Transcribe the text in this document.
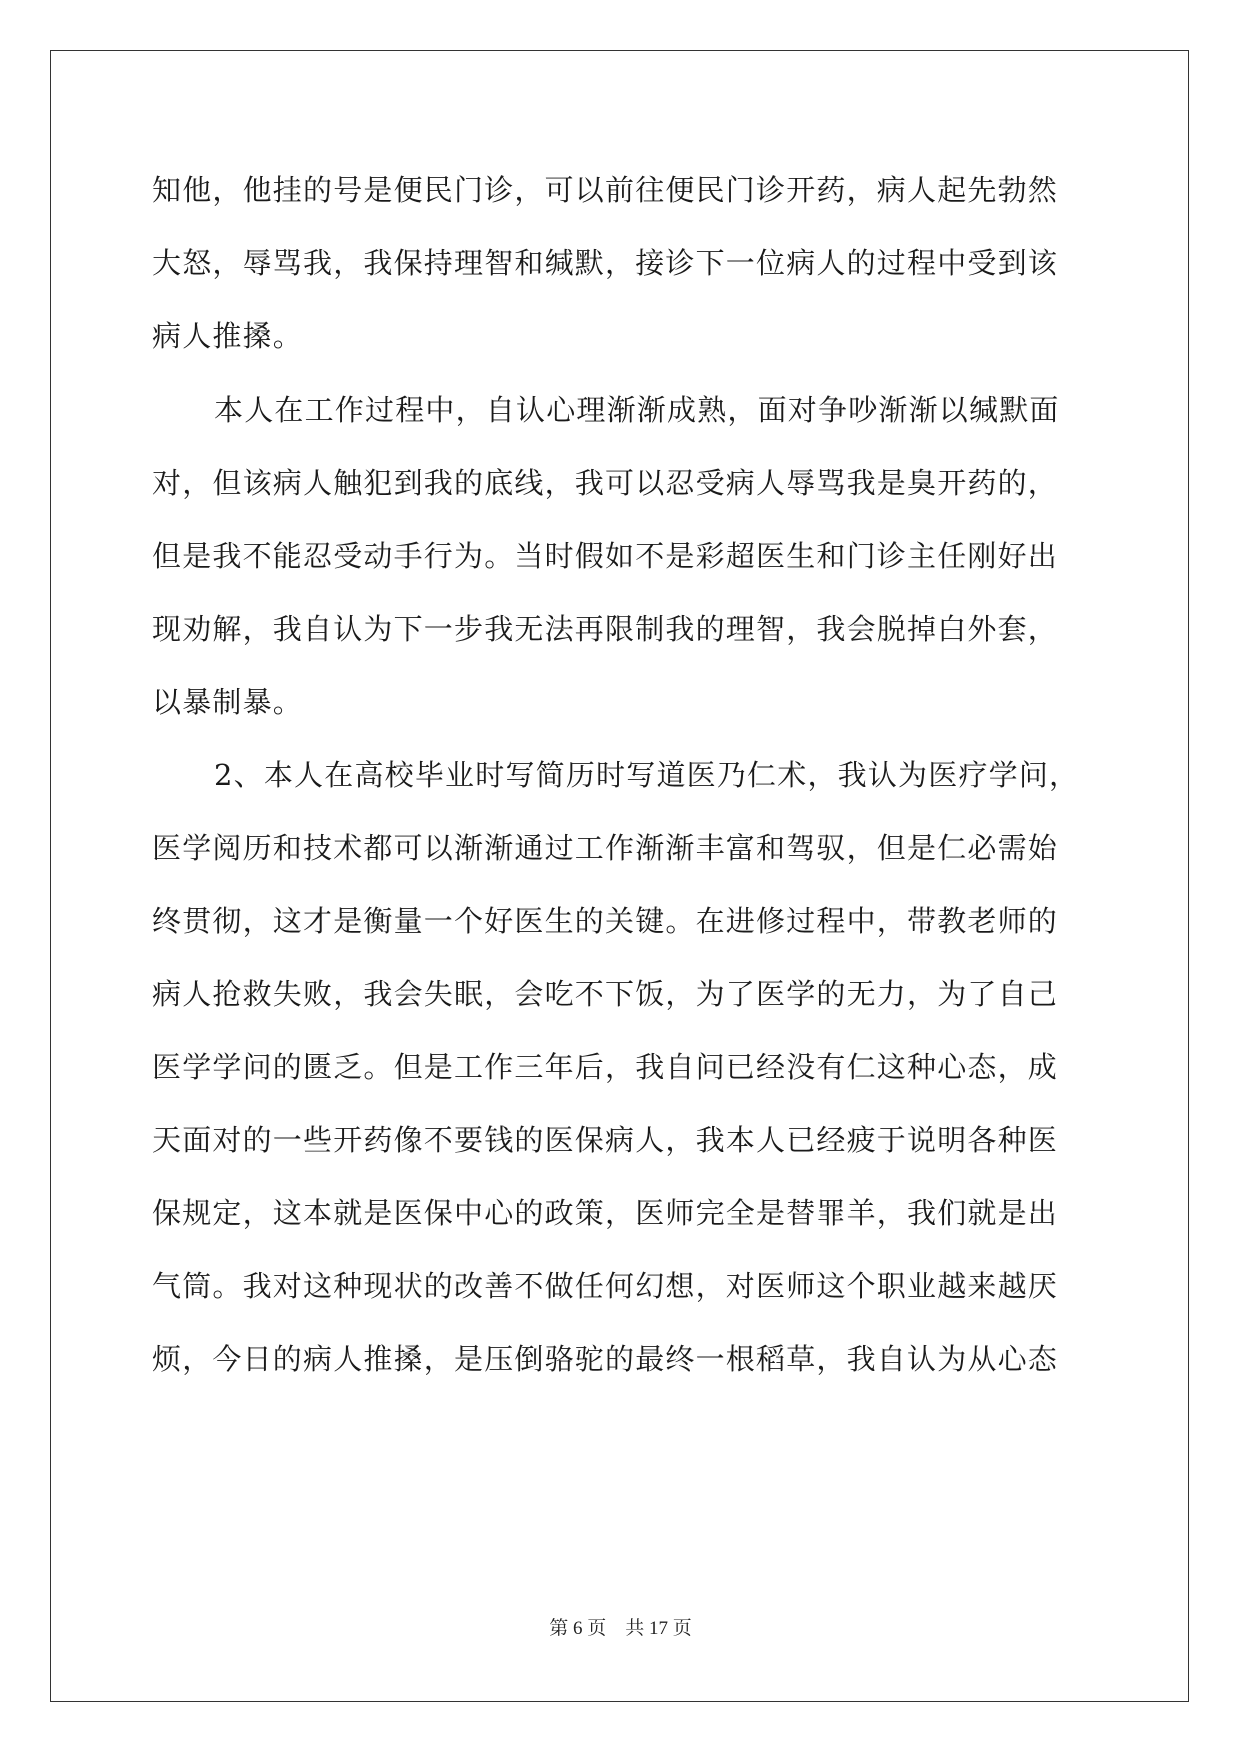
知他，他挂的号是便民门诊，可以前往便民门诊开药，病人起先勃然
大怒，辱骂我，我保持理智和缄默，接诊下一位病人的过程中受到该
病人推搡。
本人在工作过程中，自认心理渐渐成熟，面对争吵渐渐以缄默面
对，但该病人触犯到我的底线，我可以忍受病人辱骂我是臭开药的，
但是我不能忍受动手行为。当时假如不是彩超医生和门诊主任刚好出
现劝解，我自认为下一步我无法再限制我的理智，我会脱掉白外套，
以暴制暴。
2、本人在高校毕业时写简历时写道医乃仁术，我认为医疗学问，
医学阅历和技术都可以渐渐通过工作渐渐丰富和驾驭，但是仁必需始
终贯彻，这才是衡量一个好医生的关键。在进修过程中，带教老师的
病人抢救失败，我会失眠，会吃不下饭，为了医学的无力，为了自己
医学学问的匮乏。但是工作三年后，我自问已经没有仁这种心态，成
天面对的一些开药像不要钱的医保病人，我本人已经疲于说明各种医
保规定，这本就是医保中心的政策，医师完全是替罪羊，我们就是出
气筒。我对这种现状的改善不做任何幻想，对医师这个职业越来越厌
烦，今日的病人推搡，是压倒骆驼的最终一根稻草，我自认为从心态
第 6 页    共 17 页
